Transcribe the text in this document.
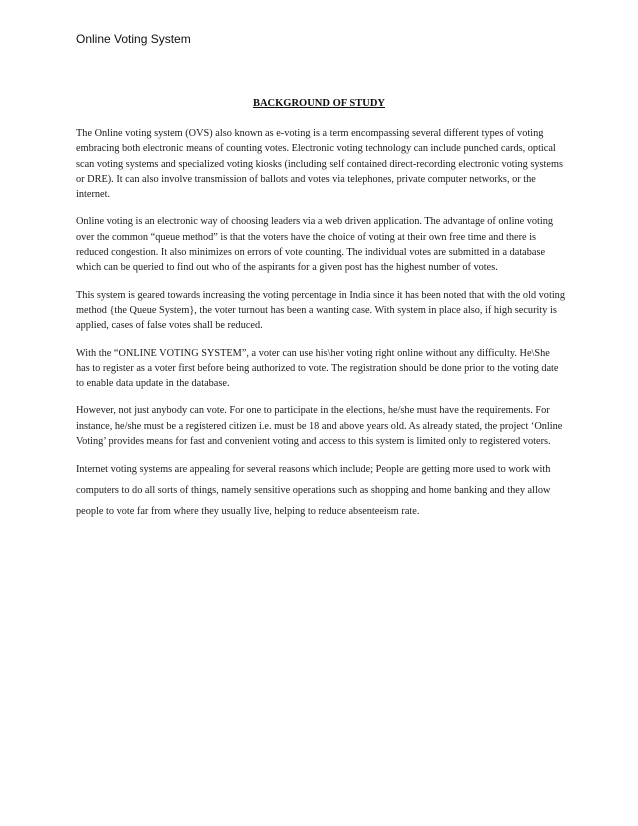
Online Voting System
BACKGROUND OF STUDY

The Online voting system (OVS) also known as e-voting is a term encompassing several different types of voting embracing both electronic means of counting votes. Electronic voting technology can include punched cards, optical scan voting systems and specialized voting kiosks (including self contained direct-recording electronic voting systems or DRE). It can also involve transmission of ballots and votes via telephones, private computer networks, or the internet.

Online voting is an electronic way of choosing leaders via a web driven application. The advantage of online voting over the common “queue method” is that the voters have the choice of voting at their own free time and there is reduced congestion. It also minimizes on errors of vote counting. The individual votes are submitted in a database which can be queried to find out who of the aspirants for a given post has the highest number of votes.

This system is geared towards increasing the voting percentage in India since it has been noted that with the old voting method {the Queue System}, the voter turnout has been a wanting case. With system in place also, if high security is applied, cases of false votes shall be reduced.

With the “ONLINE VOTING SYSTEM”, a voter can use his\her voting right online without any difficulty. He\She has to register as a voter first before being authorized to vote. The registration should be done prior to the voting date to enable data update in the database.

However, not just anybody can vote. For one to participate in the elections, he/she must have the requirements. For instance, he/she must be a registered citizen i.e. must be 18 and above years old. As already stated, the project ‘Online Voting’ provides means for fast and convenient voting and access to this system is limited only to registered voters.

Internet voting systems are appealing for several reasons which include; People are getting more used to work with computers to do all sorts of things, namely sensitive operations such as shopping and home banking and they allow people to vote far from where they usually live, helping to reduce absenteeism rate.
